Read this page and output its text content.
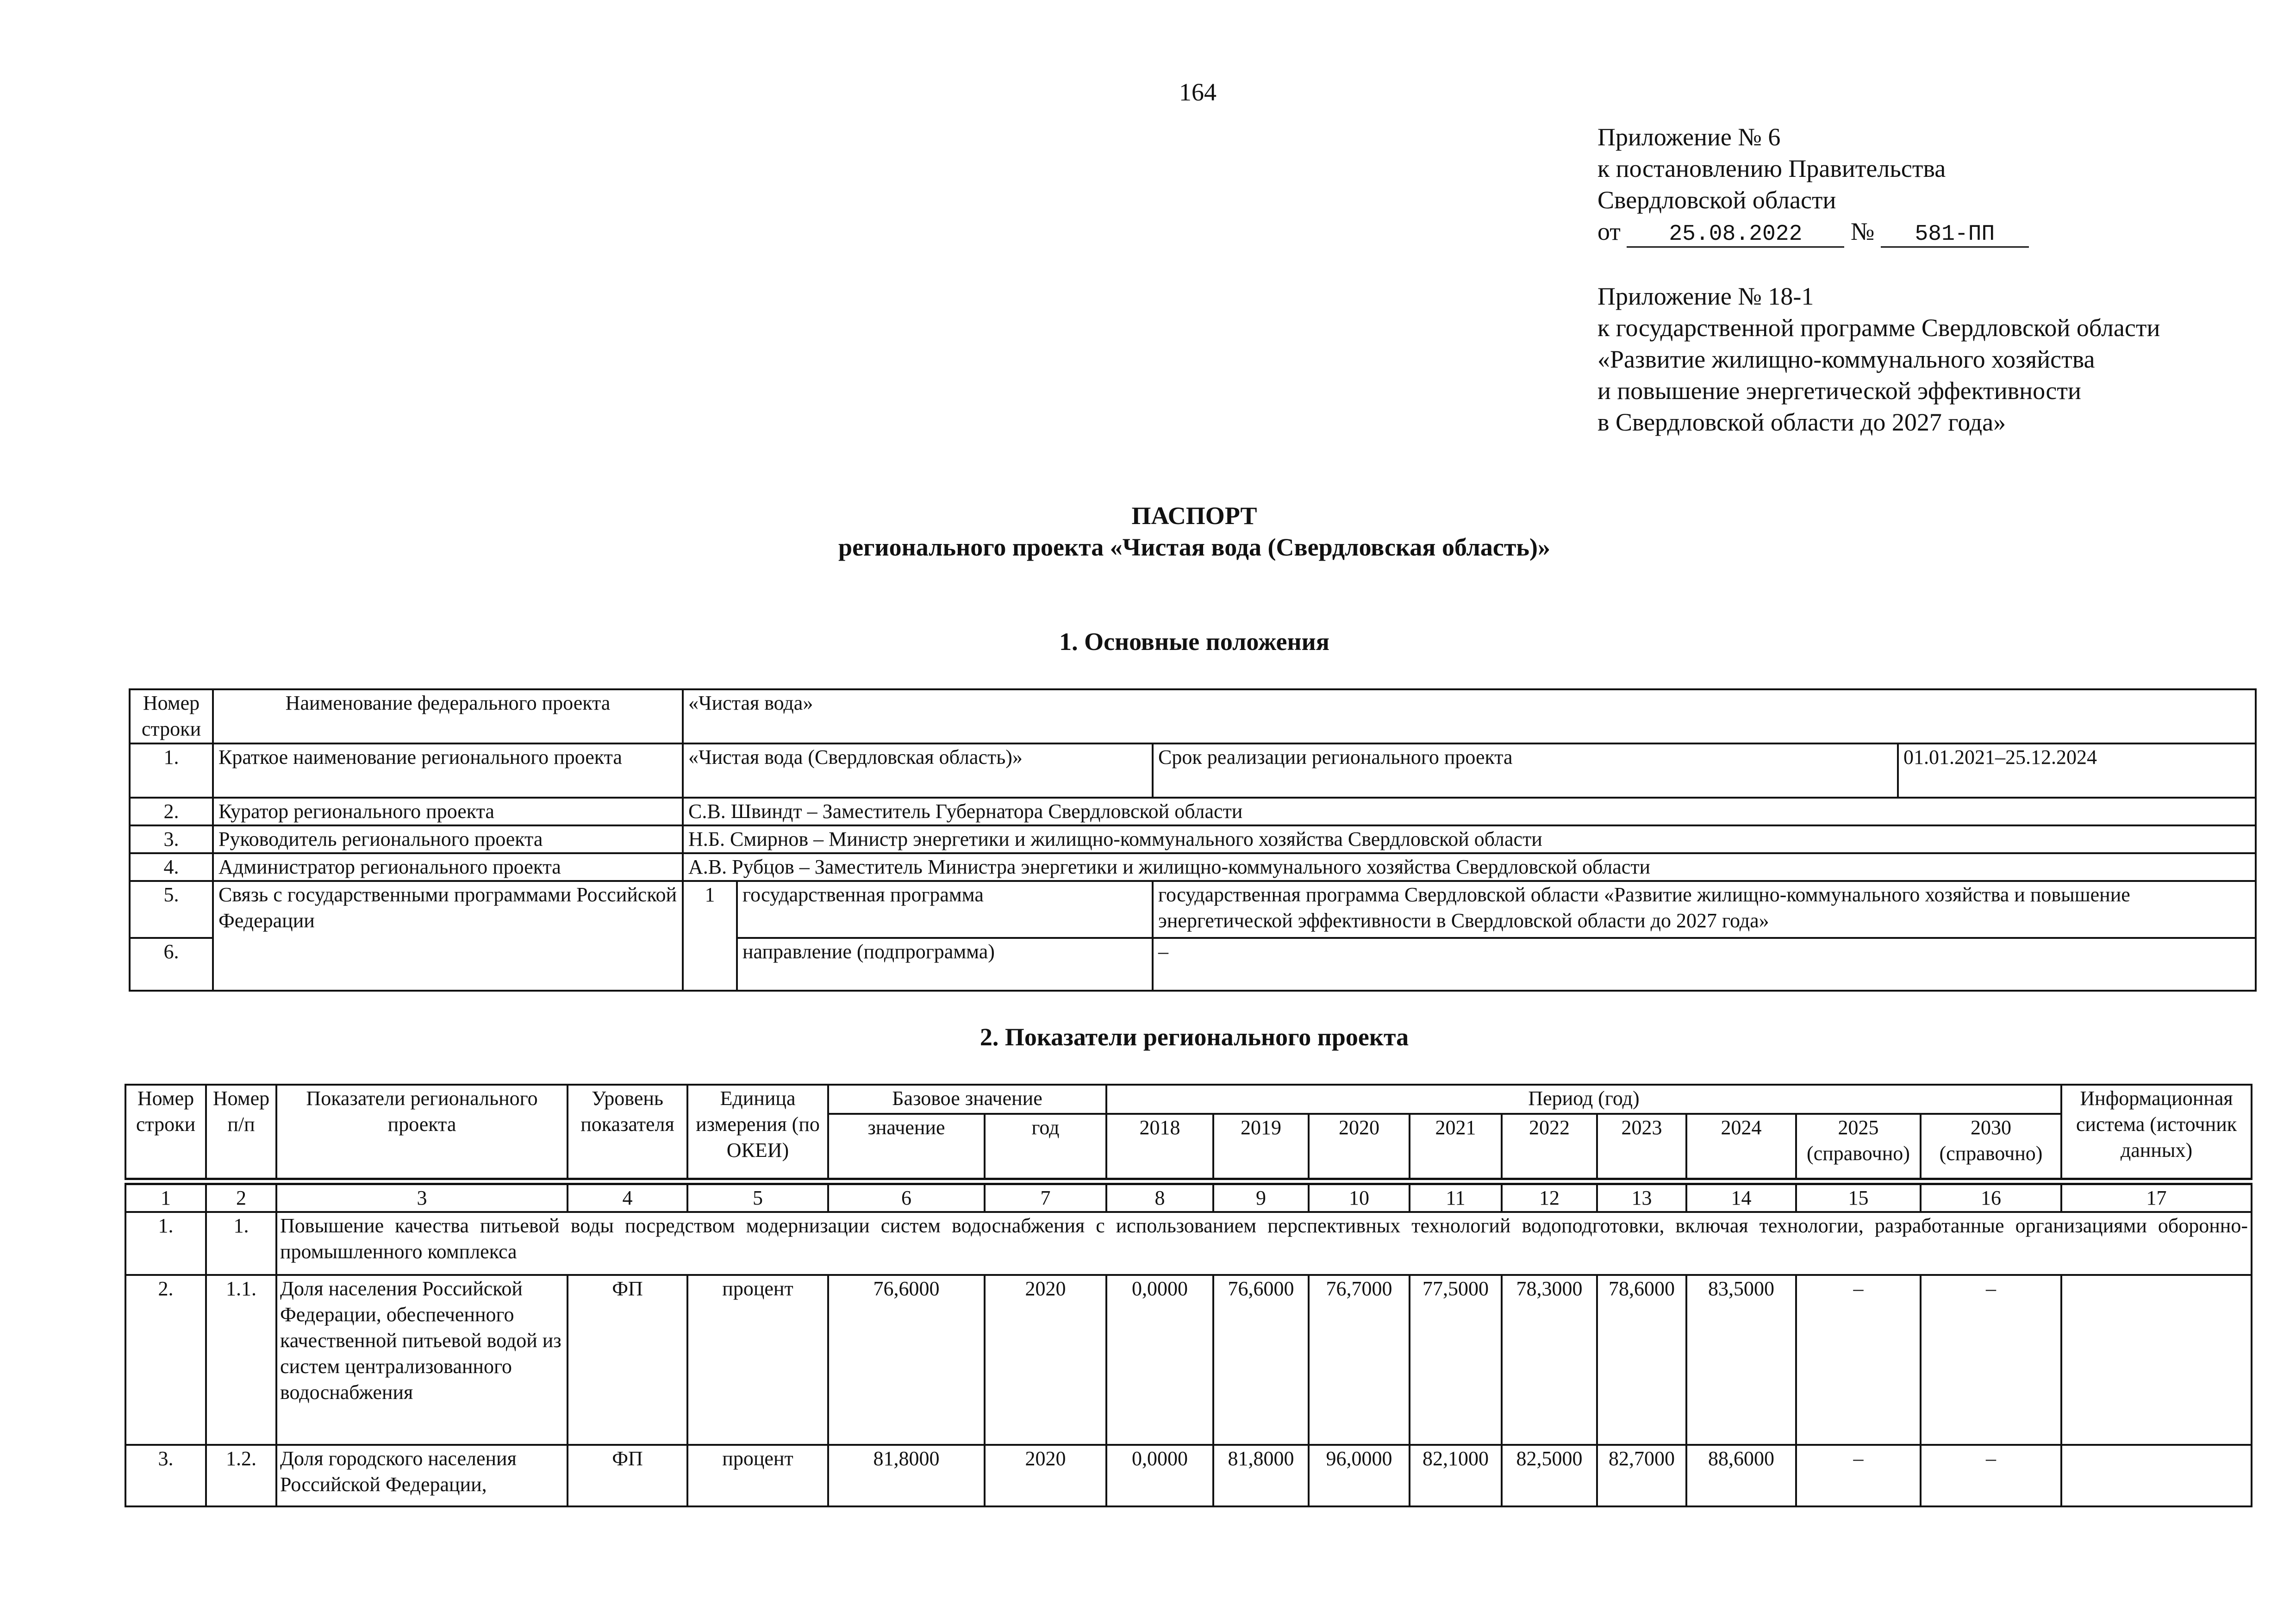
164
Приложение № 6
к постановлению Правительства
Свердловской области
от 25.08.2022 № 581-ПП
Приложение № 18-1
к государственной программе Свердловской области
«Развитие жилищно-коммунального хозяйства
и повышение энергетической эффективности
в Свердловской области до 2027 года»
ПАСПОРТ
регионального проекта «Чистая вода (Свердловская область)»
1. Основные положения
Номер строки	Наименование федерального проекта	«Чистая вода»			
1.	Краткое наименование регионального проекта	«Чистая вода (Свердловская область)»		Срок реализации регионального проекта	01.01.2021–25.12.2024
2.	Куратор регионального проекта	С.В. Швиндт – Заместитель Губернатора Свердловской области			
3.	Руководитель регионального проекта	Н.Б. Смирнов – Министр энергетики и жилищно-коммунального хозяйства Свердловской области			
4.	Администратор регионального проекта	А.В. Рубцов – Заместитель Министра энергетики и жилищно-коммунального хозяйства Свердловской области			
5.	Связь с государственными программами Российской Федерации	1	государственная программа	государственная программа Свердловской области «Развитие жилищно-коммунального хозяйства и повышение энергетической эффективности в Свердловской области до 2027 года»	
6.			направление (подпрограмма)	–	
2. Показатели регионального проекта
Номер строки	Номер п/п	Показатели регионального проекта	Уровень показателя	Единица измерения (по ОКЕИ)	Базовое значение		Период (год)									Информационная система (источник данных)
					значение	год	2018	2019	2020	2021	2022	2023	2024	2025 (справочно)	2030 (справочно)	
1	2	3	4	5	6	7	8	9	10	11	12	13	14	15	16	17
1.	1.	Повышение качества питьевой воды посредством модернизации систем водоснабжения с использованием перспективных технологий водоподготовки, включая технологии, разработанные организациями оборонно-промышленного комплекса														
2.	1.1.	Доля населения Российской Федерации, обеспеченного качественной питьевой водой из систем централизованного водоснабжения	ФП	процент	76,6000	2020	0,0000	76,6000	76,7000	77,5000	78,3000	78,6000	83,5000	–	–	
3.	1.2.	Доля городского населения Российской Федерации,	ФП	процент	81,8000	2020	0,0000	81,8000	96,0000	82,1000	82,5000	82,7000	88,6000	–	–	
